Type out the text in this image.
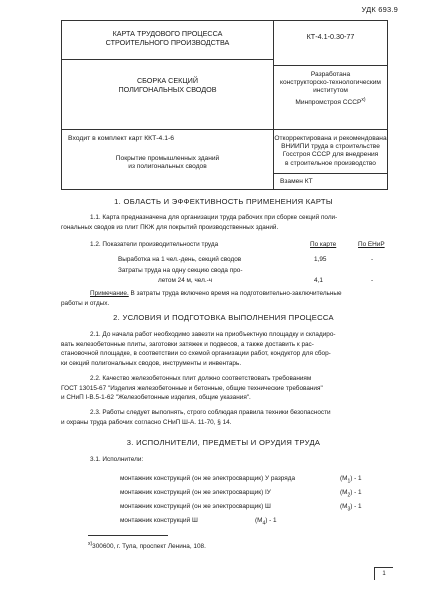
УДК 693.9
КАРТА ТРУДОВОГО ПРОЦЕССА
СТРОИТЕЛЬНОГО ПРОИЗВОДСТВА
КТ-4.1-0.30-77
СБОРКА СЕКЦИЙ
ПОЛИГОНАЛЬНЫХ СВОДОВ
Разработана
конструкторско-технологическим
институтом
Минпромстроя СССР$^{x)}$
Откорректирована и рекомендована
ВНИИПИ труда в строительстве
Госстроя СССР для внедрения
в строительное производство
Входит в комплект карт ККТ-4.1-6
Покрытие промышленных зданий
из полигональных сводов
Взамен КТ
1. ОБЛАСТЬ И ЭФФЕКТИВНОСТЬ ПРИМЕНЕНИЯ КАРТЫ
1.1. Карта предназначена для организации труда рабочих при сборке секций поли-
гональных сводов из плит ПКЖ для покрытий производственных зданий.
1.2. Показатели производительности труда	По карте	По ЕНиР
Выработка на 1 чел.-день, секций сводов	1,95	-
Затраты труда на одну секцию свода про-
летом 24 м, чел.-ч	4,1	-
Примечание. В затраты труда включено время на подготовительно-заключительные
работы и отдых.
2. УСЛОВИЯ И ПОДГОТОВКА ВЫПОЛНЕНИЯ ПРОЦЕССА
2.1. До начала работ необходимо завезти на приобъектную площадку и складиро-
вать железобетонные плиты, заготовки затяжек и подвесов, а также доставить к рас-
становочной площадке, в соответствии со схемой организации работ, кондуктор для сбор-
ки секций полигональных сводов, инструменты и инвентарь.
2.2. Качество железобетонных плит должно соответствовать требованиям
ГОСТ 13015-67 "Изделия железобетонные и бетонные, общие технические требования"
и СНиП I-В.5-1-62 "Железобетонные изделия, общие указания".
2.3. Работы следует выполнять, строго соблюдая правила техники безопасности
и охраны труда рабочих согласно СНиП Ш-А. 11-70, § 14.
3. ИСПОЛНИТЕЛИ, ПРЕДМЕТЫ И ОРУДИЯ ТРУДА
3.1. Исполнители:
монтажник конструкций (он же электросварщик) У разряда	$(М_1) - 1$
монтажник конструкций (он же электросварщик) IУ	$(М_2) - 1$
монтажник конструкций (он же электросварщик) Ш	$(М_3) - 1$
монтажник конструкций Ш	$(М_4) - 1$
$^{x)}$300600, г. Тула, проспект Ленина, 108.
1
